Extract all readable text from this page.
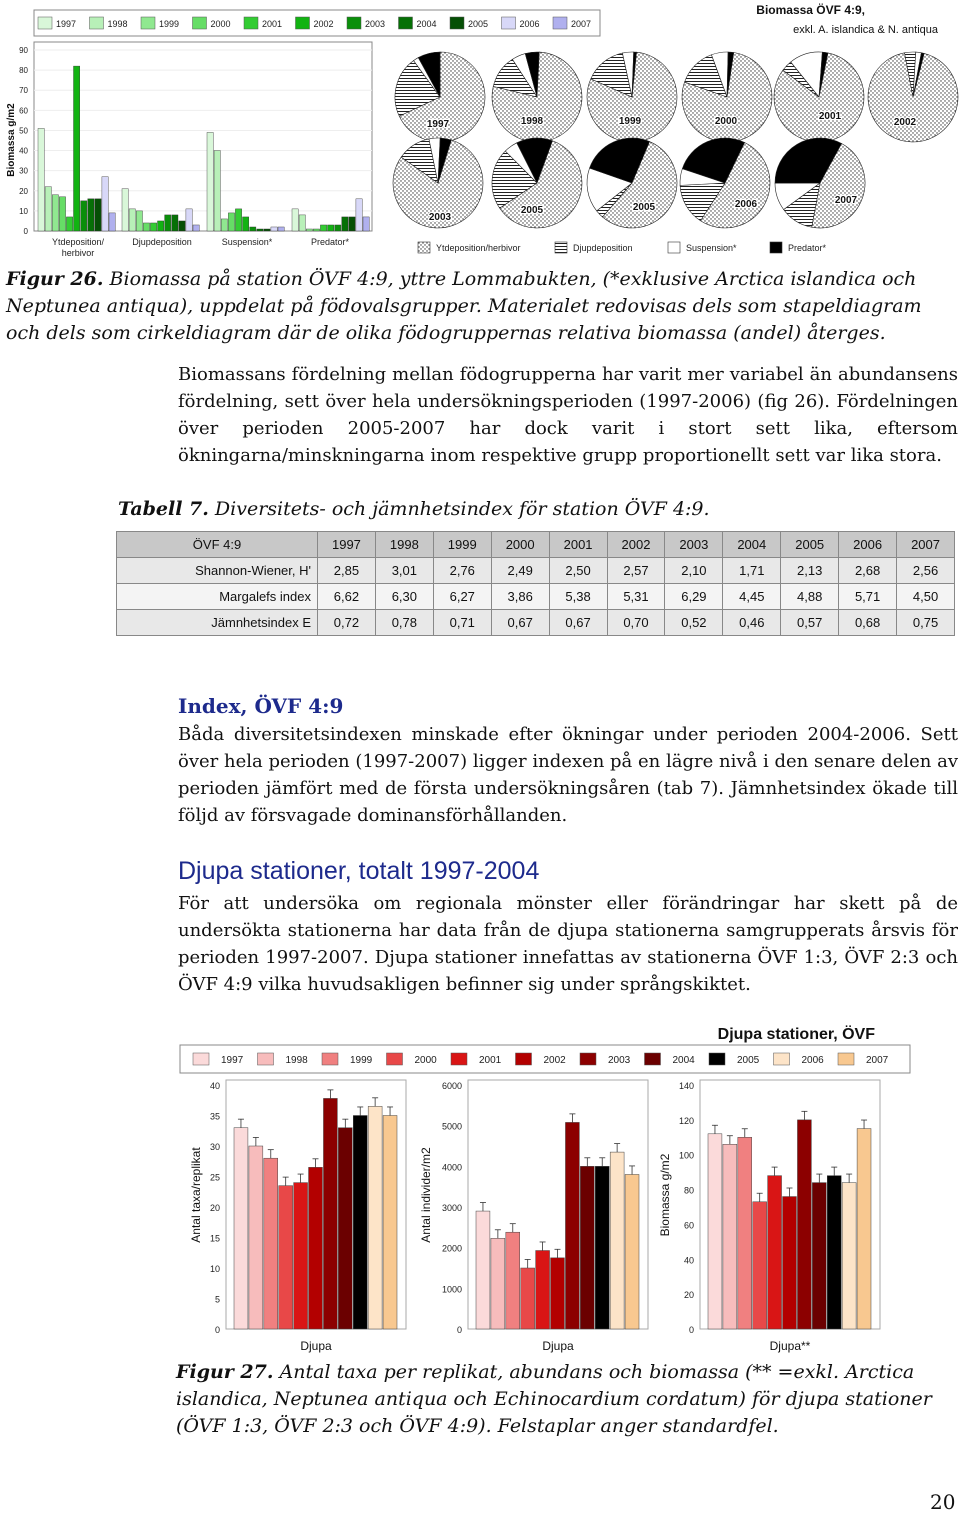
1997	1998	1999	2000	2001	2002	2003	2004	2005	2006	2007
Biomassa ÖVF 4:9,
exkl. A. islandica & N. antiqua
0
10
20
30
40
50
60
70
80
90
Biomassa g/m2
Ytdeposition/
herbivor
Djupdeposition	Suspension*	Predator*
1997	1998	1999	2000	2001
2002
2003
2005	2005	2006	2007
Ytdeposition/herbivor	Djupdeposition	Suspension*	Predator*
Figur 26. Biomassa på station ÖVF 4:9, yttre Lommabukten, (*exklusive Arctica islandica och Neptunea antiqua), uppdelat på födovalsgrupper. Materialet redovisas dels som stapeldiagram och dels som cirkeldiagram där de olika födogruppernas relativa biomassa (andel) återges.
Biomassans fördelning mellan födogrupperna har varit mer variabel än abundansens fördelning, sett över hela undersökningsperioden (1997-2006) (fig 26). Fördelningen över perioden 2005-2007 har dock varit i stort sett lika, eftersom ökningarna/minskningarna inom respektive grupp proportionellt sett var lika stora.
Tabell 7. Diversitets- och jämnhetsindex för station ÖVF 4:9.
ÖVF 4:9	1997	1998	1999	2000	2001	2002	2003	2004	2005	2006	2007
Shannon-Wiener, H'	2,85	3,01	2,76	2,49	2,50	2,57	2,10	1,71	2,13	2,68	2,56
Margalefs index	6,62	6,30	6,27	3,86	5,38	5,31	6,29	4,45	4,88	5,71	4,50
Jämnhetsindex E	0,72	0,78	0,71	0,67	0,67	0,70	0,52	0,46	0,57	0,68	0,75
Index, ÖVF 4:9
Båda diversitetsindexen minskade efter ökningar under perioden 2004-2006. Sett över hela perioden (1997-2007) ligger indexen på en lägre nivå i den senare delen av perioden jämfört med de första undersökningsåren (tab 7). Jämnhetsindex ökade till följd av försvagade dominansförhållanden.
Djupa stationer, totalt 1997-2004
För att undersöka om regionala mönster eller förändringar har skett på de undersökta stationerna har data från de djupa stationerna samgrupperats årsvis för perioden 1997-2007. Djupa stationer innefattas av stationerna ÖVF 1:3, ÖVF 2:3 och ÖVF 4:9 vilka huvudsakligen befinner sig under språngskiktet.
Djupa stationer, ÖVF
1997	1998	1999	2000	2001	2002	2003	2004	2005	2006	2007
0
5
10
15
20
25
30
35
40
Antal taxa/replikat
Djupa
0
1000
2000
3000
4000
5000
6000
Antal individer/m2
Djupa
0
20
40
60
80
100
120
140
Biomassa g/m2
Djupa**
Figur 27. Antal taxa per replikat, abundans och biomassa (** =exkl. Arctica islandica, Neptunea antiqua och Echinocardium cordatum) för djupa stationer (ÖVF 1:3, ÖVF 2:3 och ÖVF 4:9). Felstaplar anger standardfel.
20
